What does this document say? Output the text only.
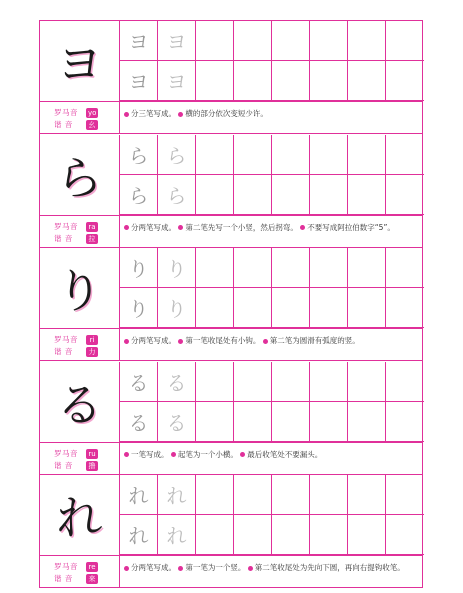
ヨ	ヨ ヨ
ヨ ヨ
罗马音 yo
谐 音 幺
分三笔写成。 横的部分依次变短少许。
ら	ら ら
ら ら
罗马音 ra
谐 音 拉
分两笔写成。 第二笔先写一个小竖，然后拐弯。 不要写成阿拉伯数字“5”。
り	り り
り り
罗马音 ri
谐 音 力
分两笔写成。 第一笔收尾处有小钩。 第二笔为圆滑有弧度的竖。
る	る る
る る
罗马音 ru
谐 音 撸
一笔写成。 起笔为一个小横。 最后收笔处不要漏头。
れ	れ れ
れ れ
罗马音 re
谐 音 来
分两笔写成。 第一笔为一个竖。 第二笔收尾处为先向下圆，再向右提钩收笔。
